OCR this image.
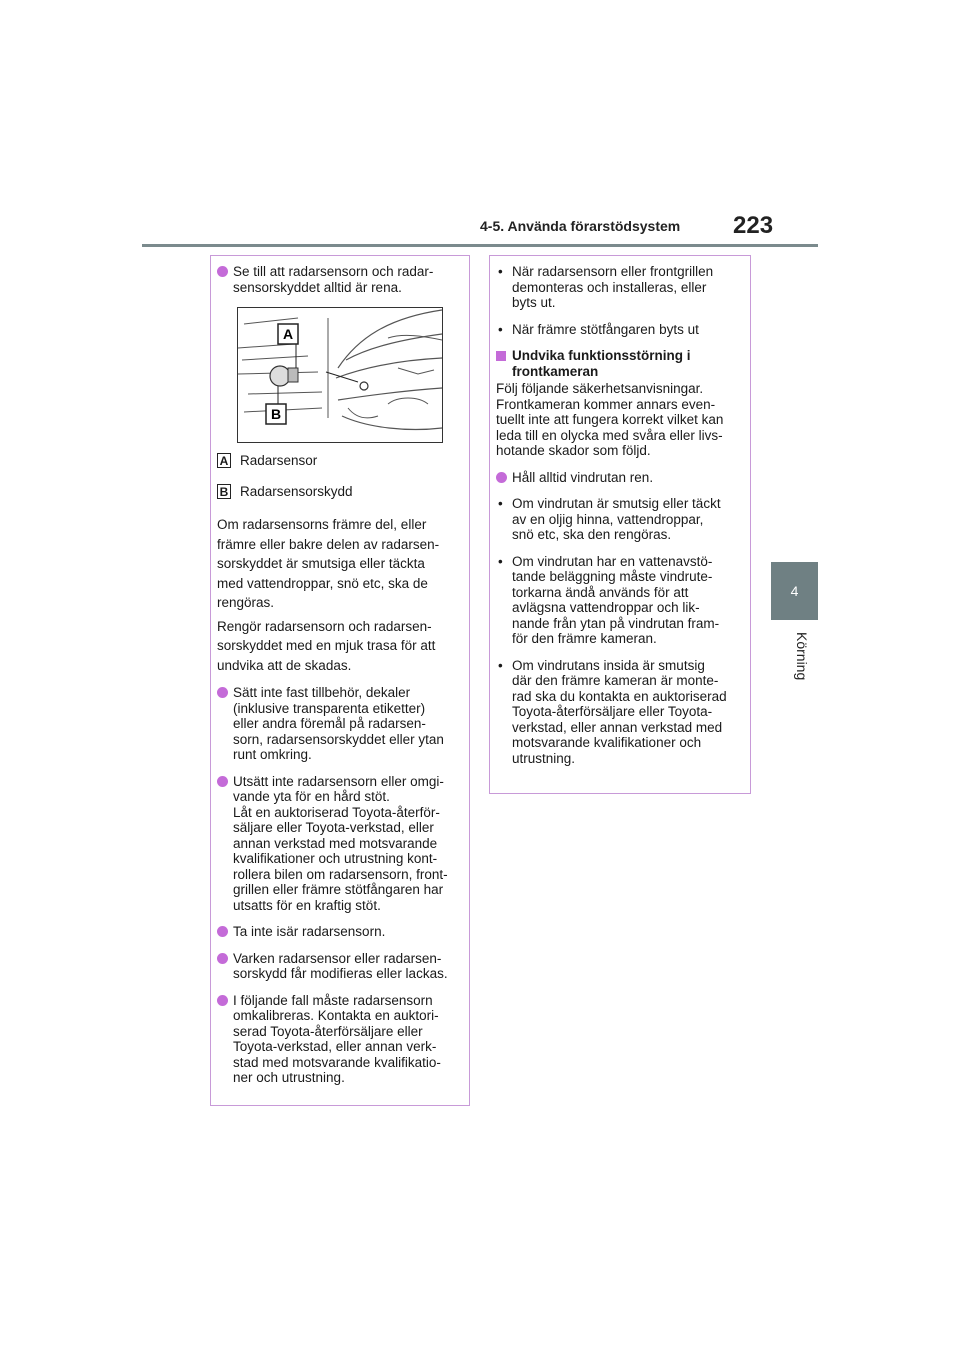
4-5. Använda förarstödsystem	223
4
Körning
Se till att radarsensorn och radar-
sensorskyddet alltid är rena.
A
B
A Radarsensor
B Radarsensorskydd
Om radarsensorns främre del, eller
främre eller bakre delen av radarsen-
sorskyddet är smutsiga eller täckta
med vattendroppar, snö etc, ska de
rengöras.
Rengör radarsensorn och radarsen-
sorskyddet med en mjuk trasa för att
undvika att de skadas.
Sätt inte fast tillbehör, dekaler
(inklusive transparenta etiketter)
eller andra föremål på radarsen-
sorn, radarsensorskyddet eller ytan
runt omkring.
Utsätt inte radarsensorn eller omgi-
vande yta för en hård stöt.
Låt en auktoriserad Toyota-återför-
säljare eller Toyota-verkstad, eller
annan verkstad med motsvarande
kvalifikationer och utrustning kont-
rollera bilen om radarsensorn, front-
grillen eller främre stötfångaren har
utsatts för en kraftig stöt.
Ta inte isär radarsensorn.
Varken radarsensor eller radarsen-
sorskydd får modifieras eller lackas.
I följande fall måste radarsensorn
omkalibreras. Kontakta en auktori-
serad Toyota-återförsäljare eller
Toyota-verkstad, eller annan verk-
stad med motsvarande kvalifikatio-
ner och utrustning.
• När radarsensorn eller frontgrillen
demonteras och installeras, eller
byts ut.
• När främre stötfångaren byts ut
Undvika funktionsstörning i
frontkameran
Följ följande säkerhetsanvisningar.
Frontkameran kommer annars even-
tuellt inte att fungera korrekt vilket kan
leda till en olycka med svåra eller livs-
hotande skador som följd.
Håll alltid vindrutan ren.
• Om vindrutan är smutsig eller täckt
av en oljig hinna, vattendroppar,
snö etc, ska den rengöras.
• Om vindrutan har en vattenavstö-
tande beläggning måste vindrute-
torkarna ändå används för att
avlägsna vattendroppar och lik-
nande från ytan på vindrutan fram-
för den främre kameran.
• Om vindrutans insida är smutsig
där den främre kameran är monte-
rad ska du kontakta en auktoriserad
Toyota-återförsäljare eller Toyota-
verkstad, eller annan verkstad med
motsvarande kvalifikationer och
utrustning.
